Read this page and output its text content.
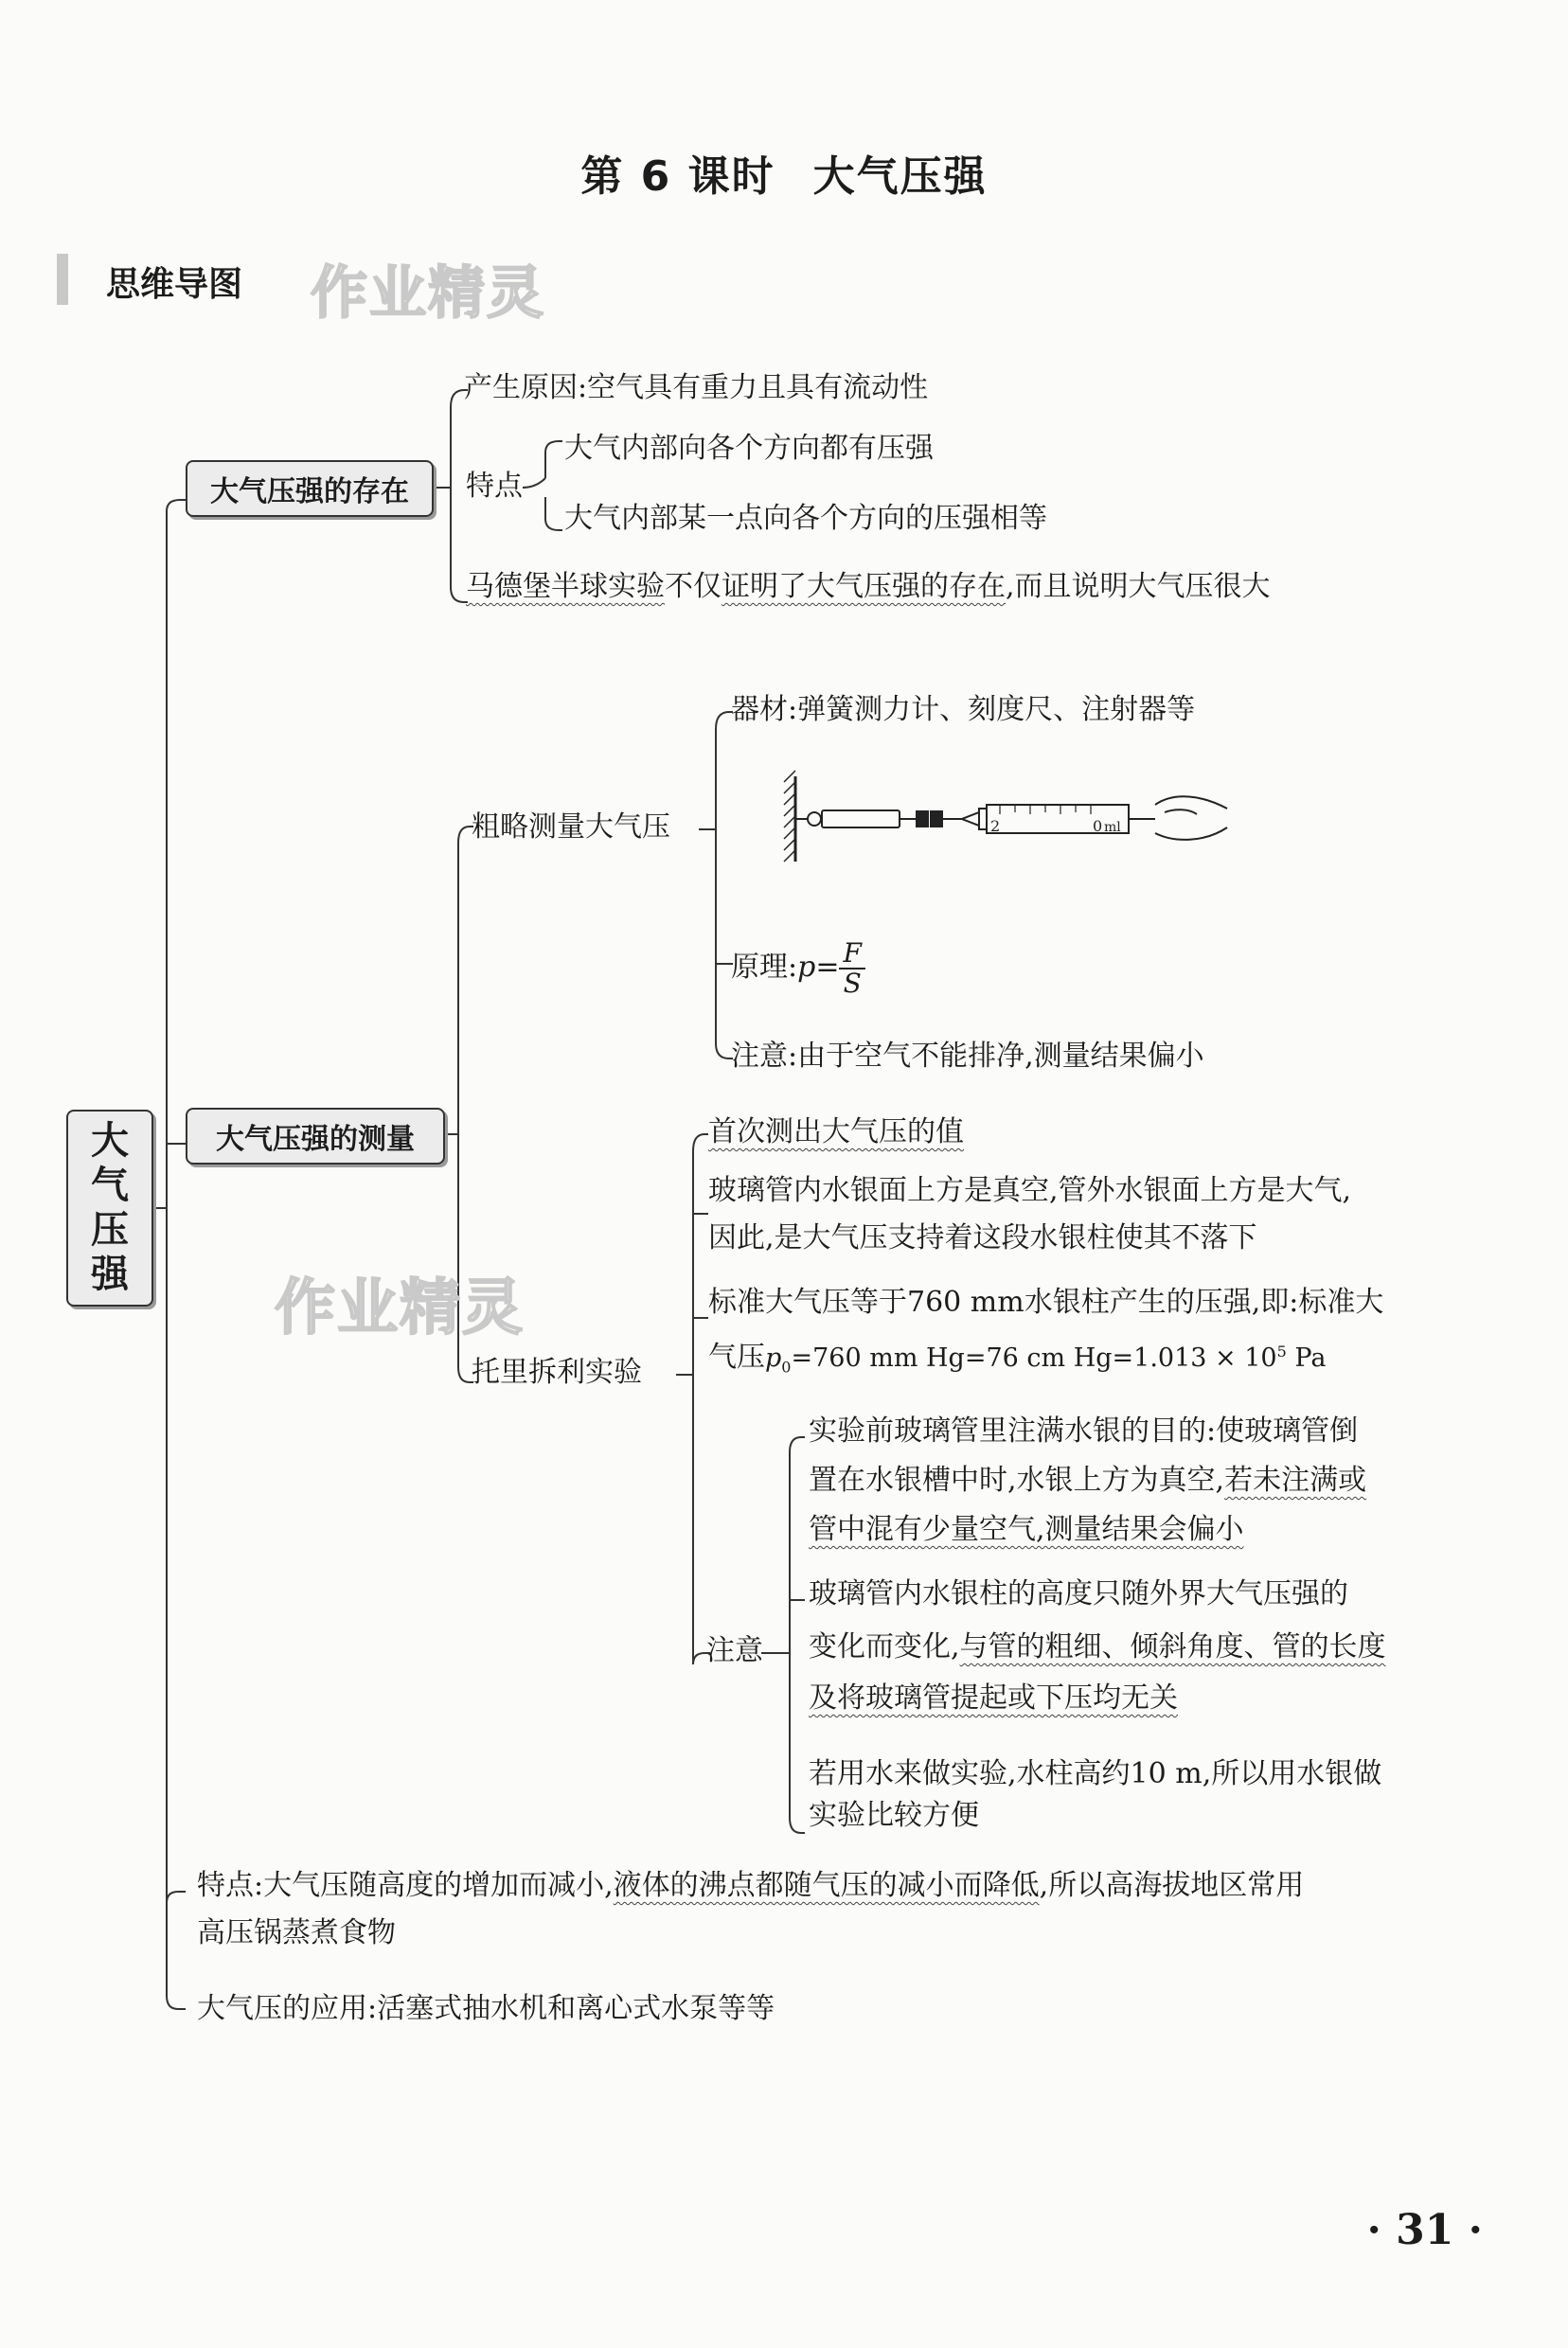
第 6 课时 大气压强
思维导图 作业精灵
作业精灵
大
气
压
强
大气压强的存在
产生原因:空气具有重力且具有流动性
特点
大气内部向各个方向都有压强
大气内部某一点向各个方向的压强相等
马德堡半球实验不仅证明了大气压强的存在,而且说明大气压很大
大气压强的测量
粗略测量大气压
器材:弹簧测力计、刻度尺、注射器等
2	0 ml
原理:p= $\frac{F}{S}$
注意:由于空气不能排净,测量结果偏小
托里拆利实验
首次测出大气压的值
玻璃管内水银面上方是真空,管外水银面上方是大气,
因此,是大气压支持着这段水银柱使其不落下
标准大气压等于760 mm水银柱产生的压强,即:标准大
气压$p_0=760$ mm Hg=76 cm $Hg=1.013 \times 10^5$ Pa
注意
实验前玻璃管里注满水银的目的:使玻璃管倒
置在水银槽中时,水银上方为真空,若未注满或
管中混有少量空气,测量结果会偏小
玻璃管内水银柱的高度只随外界大气压强的
变化而变化,与管的粗细、倾斜角度、管的长度
及将玻璃管提起或下压均无关
若用水来做实验,水柱高约10 m,所以用水银做
实验比较方便
特点:大气压随高度的增加而减小,液体的沸点都随气压的减小而降低,所以高海拔地区常用
高压锅蒸煮食物
大气压的应用:活塞式抽水机和离心式水泵等等
· 31 ·
